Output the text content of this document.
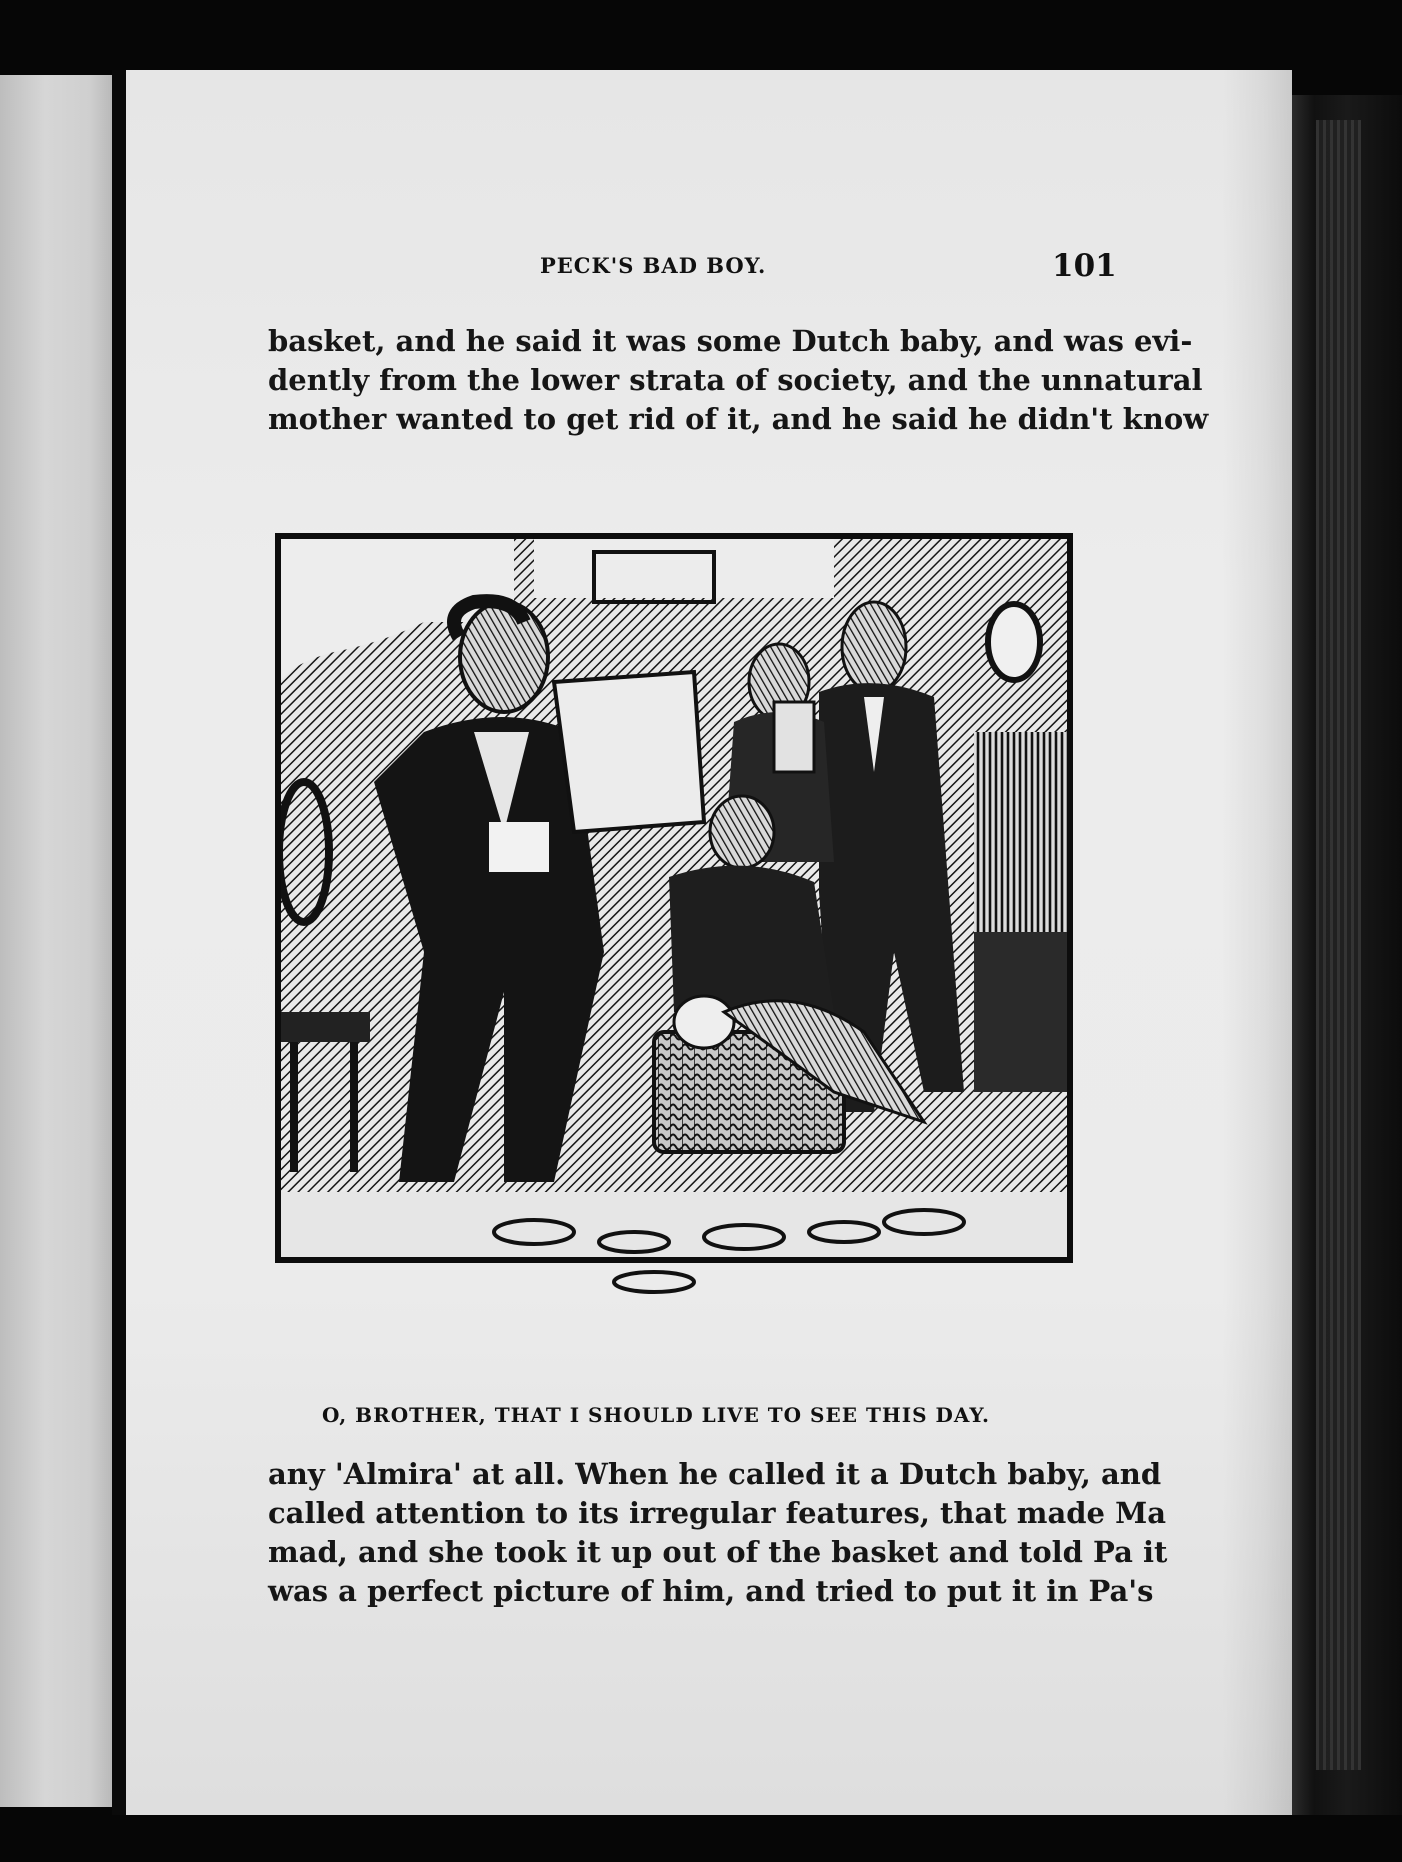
PECK'S BAD BOY.	101
basket, and he said it was some Dutch baby, and was evi-
dently from the lower strata of society, and the unnatural
mother wanted to get rid of it, and he said he didn't know
O, BROTHER, THAT I SHOULD LIVE TO SEE THIS DAY.
any 'Almira' at all. When he called it a Dutch baby, and
called attention to its irregular features, that made Ma
mad, and she took it up out of the basket and told Pa it
was a perfect picture of him, and tried to put it in Pa's
